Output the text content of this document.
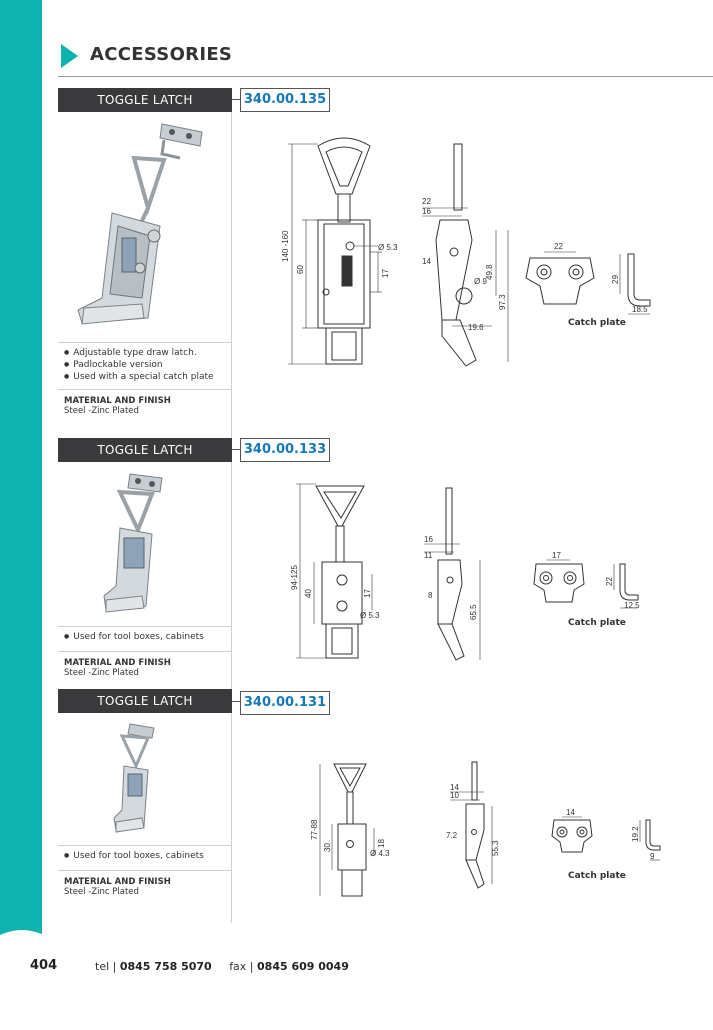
404
ACCESSORIES
TOGGLE LATCH	340.00.135
● Adjustable type draw latch.
● Padlockable version
● Used with a special catch plate
MATERIAL AND FINISH
Steel -Zinc Plated
140 -160
60
Ø 5.3
17
22
16
14
Ø 9
49.8
97.3
19.6
22
29
18.5
Catch plate
TOGGLE LATCH	340.00.133
● Used for tool boxes, cabinets
MATERIAL AND FINISH
Steel -Zinc Plated
94-125
40	17
Ø 5.3
16
11
8
65.5
17
22
12.5
Catch plate
TOGGLE LATCH	340.00.131
● Used for tool boxes, cabinets
MATERIAL AND FINISH
Steel -Zinc Plated
77-88
30	18
Ø 4.3
14
10
7.2
55.3
14
19.2
9
Catch plate
tel | 0845 758 5070 fax | 0845 609 0049
